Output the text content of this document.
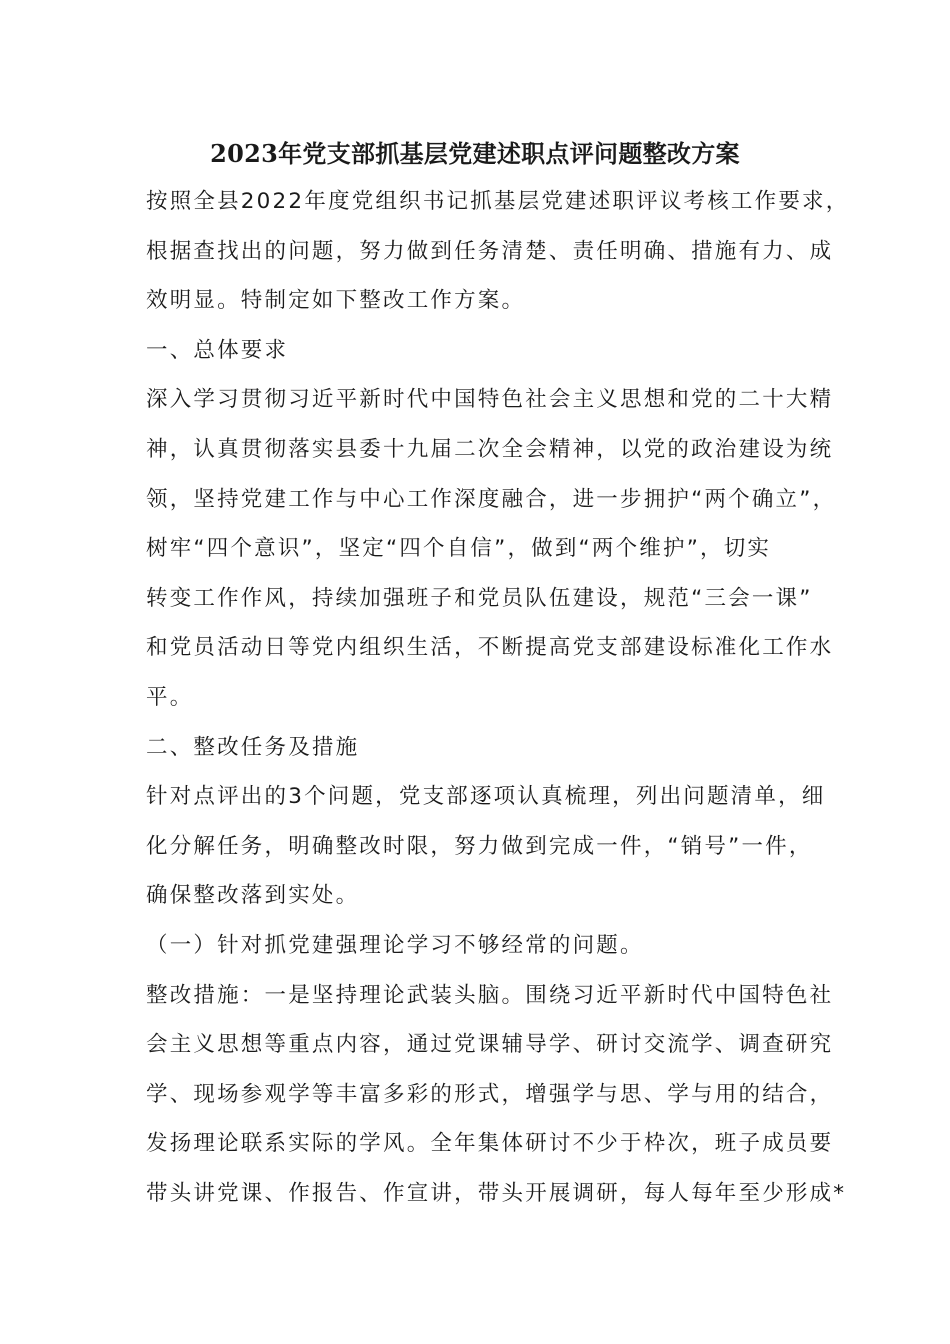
2023年党支部抓基层党建述职点评问题整改方案
按照全县2022年度党组织书记抓基层党建述职评议考核工作要求，
根据查找出的问题，努力做到任务清楚、责任明确、措施有力、成
效明显。特制定如下整改工作方案。
一、总体要求
深入学习贯彻习近平新时代中国特色社会主义思想和党的二十大精
神，认真贯彻落实县委十九届二次全会精神，以党的政治建设为统
领，坚持党建工作与中心工作深度融合，进一步拥护“两个确立”，
树牢“四个意识”，坚定“四个自信”，做到“两个维护”，切实
转变工作作风，持续加强班子和党员队伍建设，规范“三会一课”
和党员活动日等党内组织生活，不断提高党支部建设标准化工作水
平。
二、整改任务及措施
针对点评出的3个问题，党支部逐项认真梳理，列出问题清单，细
化分解任务，明确整改时限，努力做到完成一件，“销号”一件，
确保整改落到实处。
（一）针对抓党建强理论学习不够经常的问题。
整改措施：一是坚持理论武装头脑。围绕习近平新时代中国特色社
会主义思想等重点内容，通过党课辅导学、研讨交流学、调查研究
学、现场参观学等丰富多彩的形式，增强学与思、学与用的结合，
发扬理论联系实际的学风。全年集体研讨不少于枠次，班子成员要
带头讲党课、作报告、作宣讲，带头开展调研，每人每年至少形成*
